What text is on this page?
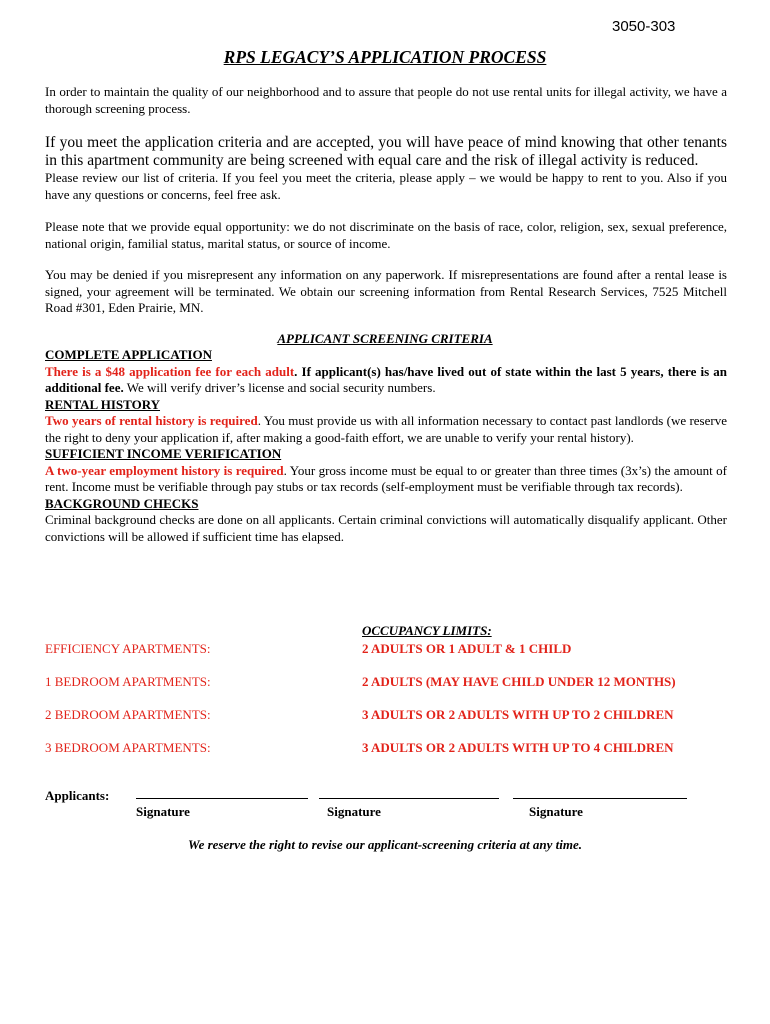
3050-303
RPS LEGACY’S APPLICATION PROCESS
In order to maintain the quality of our neighborhood and to assure that people do not use rental units for illegal activity, we have a thorough screening process.
If you meet the application criteria and are accepted, you will have peace of mind knowing that other tenants in this apartment community are being screened with equal care and the risk of illegal activity is reduced.
Please review our list of criteria. If you feel you meet the criteria, please apply – we would be happy to rent to you. Also if you have any questions or concerns, feel free ask.
Please note that we provide equal opportunity: we do not discriminate on the basis of race, color, religion, sex, sexual preference, national origin, familial status, marital status, or source of income.
You may be denied if you misrepresent any information on any paperwork. If misrepresentations are found after a rental lease is signed, your agreement will be terminated. We obtain our screening information from Rental Research Services, 7525 Mitchell Road #301, Eden Prairie, MN.
APPLICANT SCREENING CRITERIA
COMPLETE APPLICATION
There is a $48 application fee for each adult. If applicant(s) has/have lived out of state within the last 5 years, there is an additional fee. We will verify driver’s license and social security numbers.
RENTAL HISTORY
Two years of rental history is required. You must provide us with all information necessary to contact past landlords (we reserve the right to deny your application if, after making a good-faith effort, we are unable to verify your rental history).
SUFFICIENT INCOME VERIFICATION
A two-year employment history is required. Your gross income must be equal to or greater than three times (3x’s) the amount of rent. Income must be verifiable through pay stubs or tax records (self-employment must be verifiable through tax records).
BACKGROUND CHECKS
Criminal background checks are done on all applicants. Certain criminal convictions will automatically disqualify applicant. Other convictions will be allowed if sufficient time has elapsed.
OCCUPANCY LIMITS:
EFFICIENCY APARTMENTS:	2 ADULTS OR 1 ADULT & 1 CHILD
1 BEDROOM APARTMENTS:	2 ADULTS (MAY HAVE CHILD UNDER 12 MONTHS)
2 BEDROOM APARTMENTS:	3 ADULTS OR 2 ADULTS WITH UP TO 2 CHILDREN
3 BEDROOM APARTMENTS:	3 ADULTS OR 2 ADULTS WITH UP TO 4 CHILDREN
Applicants:
Signature	Signature	Signature
We reserve the right to revise our applicant-screening criteria at any time.
